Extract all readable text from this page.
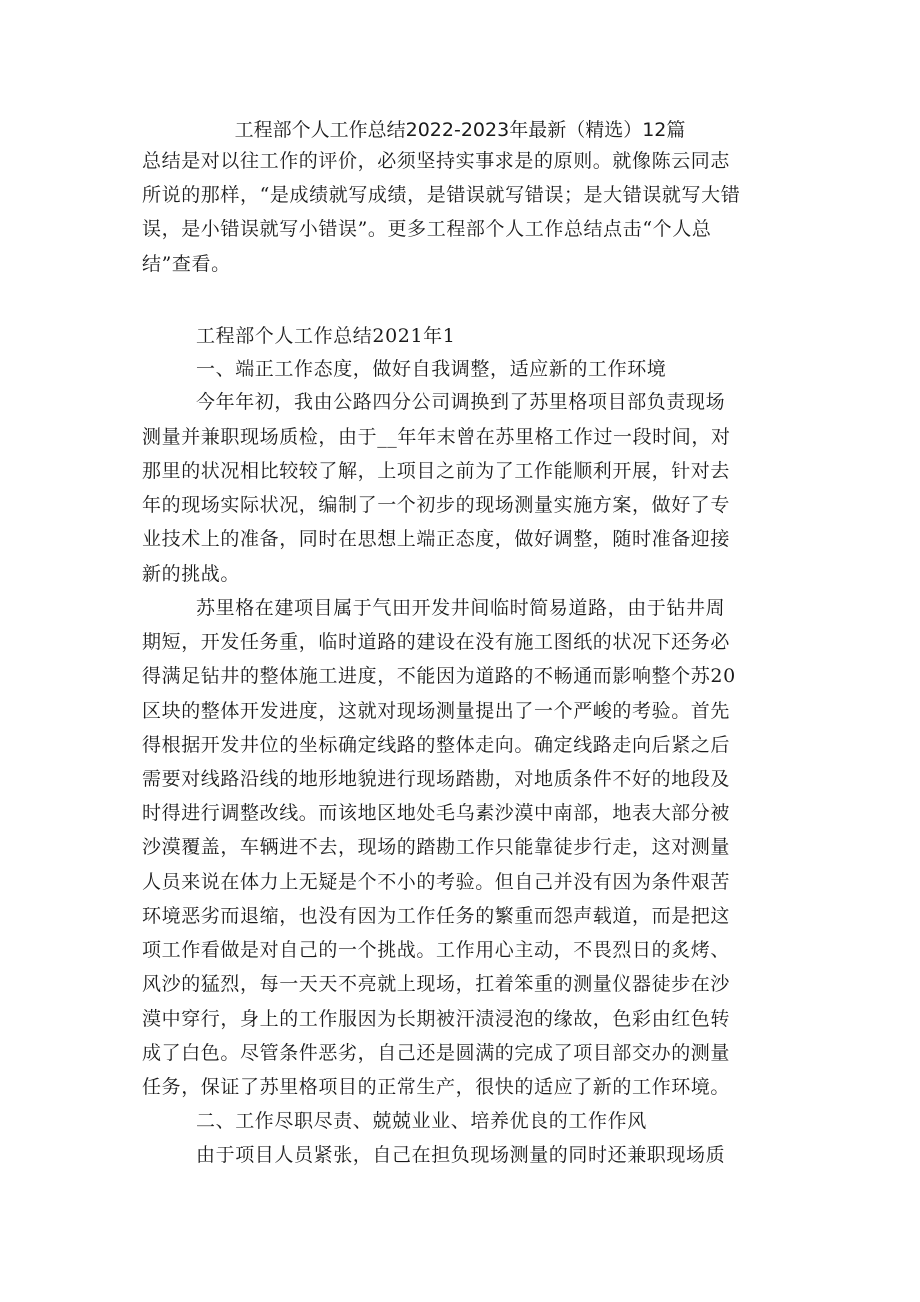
工程部个人工作总结2022-2023年最新（精选）12篇
总结是对以往工作的评价，必须坚持实事求是的原则。就像陈云同志
所说的那样，“是成绩就写成绩，是错误就写错误；是大错误就写大错
误，是小错误就写小错误”。更多工程部个人工作总结点击“个人总
结”查看。
工程部个人工作总结2021年1
一、端正工作态度，做好自我调整，适应新的工作环境
今年年初，我由公路四分公司调换到了苏里格项目部负责现场
测量并兼职现场质检，由于__年年末曾在苏里格工作过一段时间，对
那里的状况相比较较了解，上项目之前为了工作能顺利开展，针对去
年的现场实际状况，编制了一个初步的现场测量实施方案，做好了专
业技术上的准备，同时在思想上端正态度，做好调整，随时准备迎接
新的挑战。
苏里格在建项目属于气田开发井间临时简易道路，由于钻井周
期短，开发任务重，临时道路的建设在没有施工图纸的状况下还务必
得满足钻井的整体施工进度，不能因为道路的不畅通而影响整个苏20
区块的整体开发进度，这就对现场测量提出了一个严峻的考验。首先
得根据开发井位的坐标确定线路的整体走向。确定线路走向后紧之后
需要对线路沿线的地形地貌进行现场踏勘，对地质条件不好的地段及
时得进行调整改线。而该地区地处毛乌素沙漠中南部，地表大部分被
沙漠覆盖，车辆进不去，现场的踏勘工作只能靠徒步行走，这对测量
人员来说在体力上无疑是个不小的考验。但自己并没有因为条件艰苦
环境恶劣而退缩，也没有因为工作任务的繁重而怨声载道，而是把这
项工作看做是对自己的一个挑战。工作用心主动，不畏烈日的炙烤、
风沙的猛烈，每一天天不亮就上现场，扛着笨重的测量仪器徒步在沙
漠中穿行，身上的工作服因为长期被汗渍浸泡的缘故，色彩由红色转
成了白色。尽管条件恶劣，自己还是圆满的完成了项目部交办的测量
任务，保证了苏里格项目的正常生产，很快的适应了新的工作环境。
二、工作尽职尽责、兢兢业业、培养优良的工作作风
由于项目人员紧张，自己在担负现场测量的同时还兼职现场质
